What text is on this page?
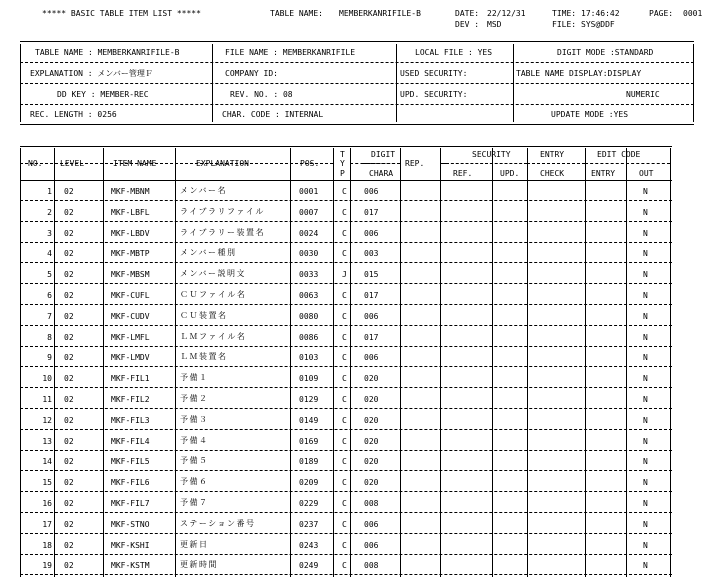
***** BASIC TABLE ITEM LIST *****	TABLE NAME: MEMBERKANRIFILE-B	DATE: 22/12/31	TIME: 17:46:42	PAGE: 0001
DEV : MSD	FILE: SYS@DDF
TABLE NAME : MEMBERKANRIFILE-B	FILE NAME : MEMBERKANRIFILE	LOCAL FILE : YES	DIGIT MODE :STANDARD
EXPLANATION : メンバー管理Ｆ	COMPANY ID:	USED SECURITY:	TABLE NAME DISPLAY:DISPLAY
DD KEY : MEMBER-REC	REV. NO. : 08	UPD. SECURITY:	NUMERIC
REC. LENGTH : 0256	CHAR. CODE : INTERNAL	UPDATE MODE :YES
NO. LEVEL	ITEM NAME	EXPLANATION	POS.
T
Y
P
DIGIT
CHARA
REP.
SECURITY
REF.	UPD.
ENTRY
CHECK
EDIT CODE
ENTRY	OUT
1 02	MKF-MBNM	メンバー名	0001	C 006	N
2 02	MKF-LBFL	ライブラリファイル	0007	C 017	N
3 02	MKF-LBDV	ライブラリー装置名	0024	C 006	N
4 02	MKF-MBTP	メンバー種別	0030	C 003	N
5 02	MKF-MBSM	メンバー説明文	0033	J 015	N
6 02	MKF-CUFL	ＣＵファイル名	0063	C 017	N
7 02	MKF-CUDV	ＣＵ装置名	0080	C 006	N
8 02	MKF-LMFL	ＬＭファイル名	0086	C 017	N
9 02	MKF-LMDV	ＬＭ装置名	0103	C 006	N
10 02	MKF-FIL1	予備１	0109	C 020	N
11 02	MKF-FIL2	予備２	0129	C 020	N
12 02	MKF-FIL3	予備３	0149	C 020	N
13 02	MKF-FIL4	予備４	0169	C 020	N
14 02	MKF-FIL5	予備５	0189	C 020	N
15 02	MKF-FIL6	予備６	0209	C 020	N
16 02	MKF-FIL7	予備７	0229	C 008	N
17 02	MKF-STNO	ステーション番号	0237	C 006	N
18 02	MKF-KSHI	更新日	0243	C 006	N
19 02	MKF-KSTM	更新時間	0249	C 008	N
